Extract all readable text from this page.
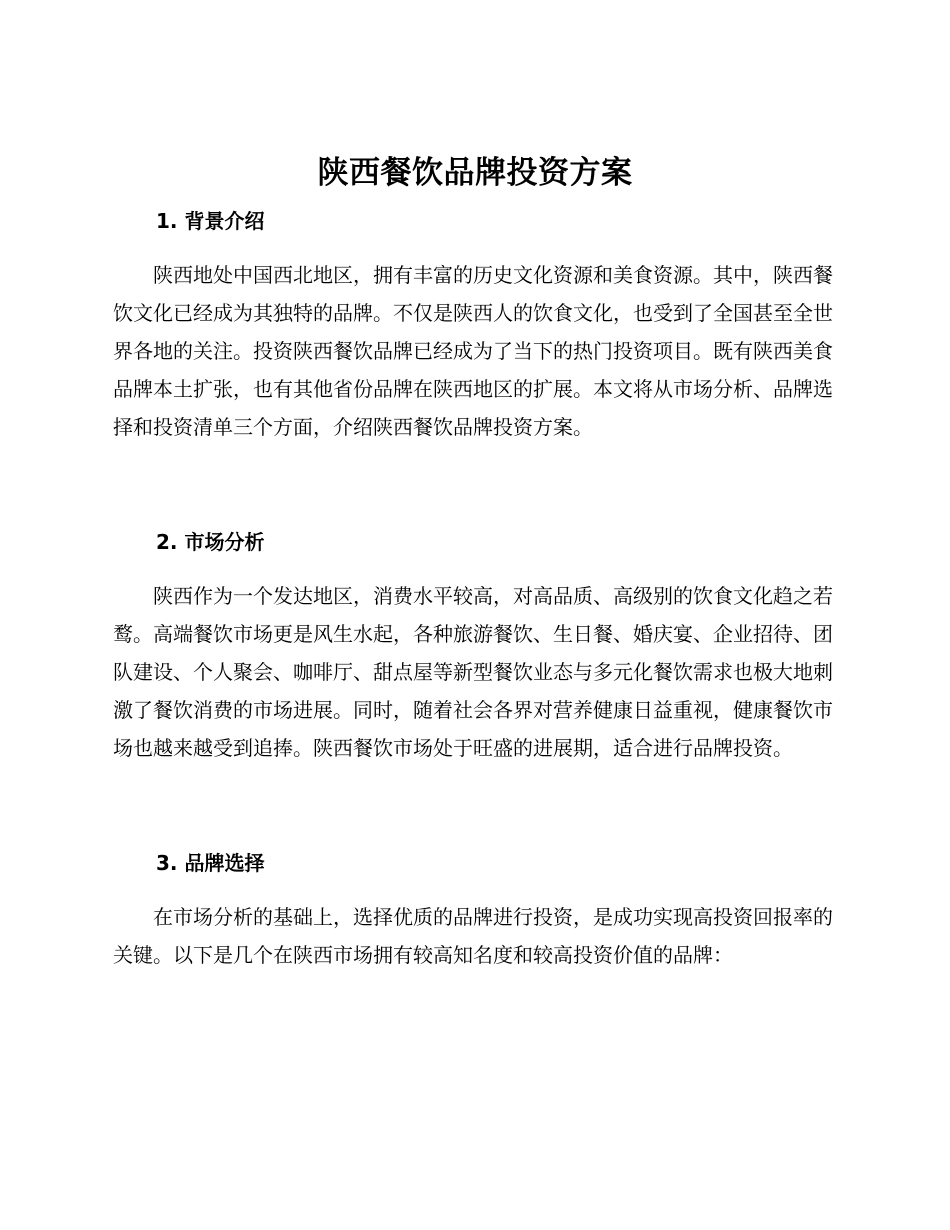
陕西餐饮品牌投资方案
1. 背景介绍

陕西地处中国西北地区，拥有丰富的历史文化资源和美食资源。其中，陕西餐饮文化已经成为其独特的品牌。不仅是陕西人的饮食文化，也受到了全国甚至全世界各地的关注。投资陕西餐饮品牌已经成为了当下的热门投资项目。既有陕西美食品牌本土扩张，也有其他省份品牌在陕西地区的扩展。本文将从市场分析、品牌选择和投资清单三个方面，介绍陕西餐饮品牌投资方案。

2. 市场分析

陕西作为一个发达地区，消费水平较高，对高品质、高级别的饮食文化趋之若鹜。高端餐饮市场更是风生水起，各种旅游餐饮、生日餐、婚庆宴、企业招待、团队建设、个人聚会、咖啡厅、甜点屋等新型餐饮业态与多元化餐饮需求也极大地刺激了餐饮消费的市场进展。同时，随着社会各界对营养健康日益重视，健康餐饮市场也越来越受到追捧。陕西餐饮市场处于旺盛的进展期，适合进行品牌投资。

3. 品牌选择

在市场分析的基础上，选择优质的品牌进行投资，是成功实现高投资回报率的关键。以下是几个在陕西市场拥有较高知名度和较高投资价值的品牌：
